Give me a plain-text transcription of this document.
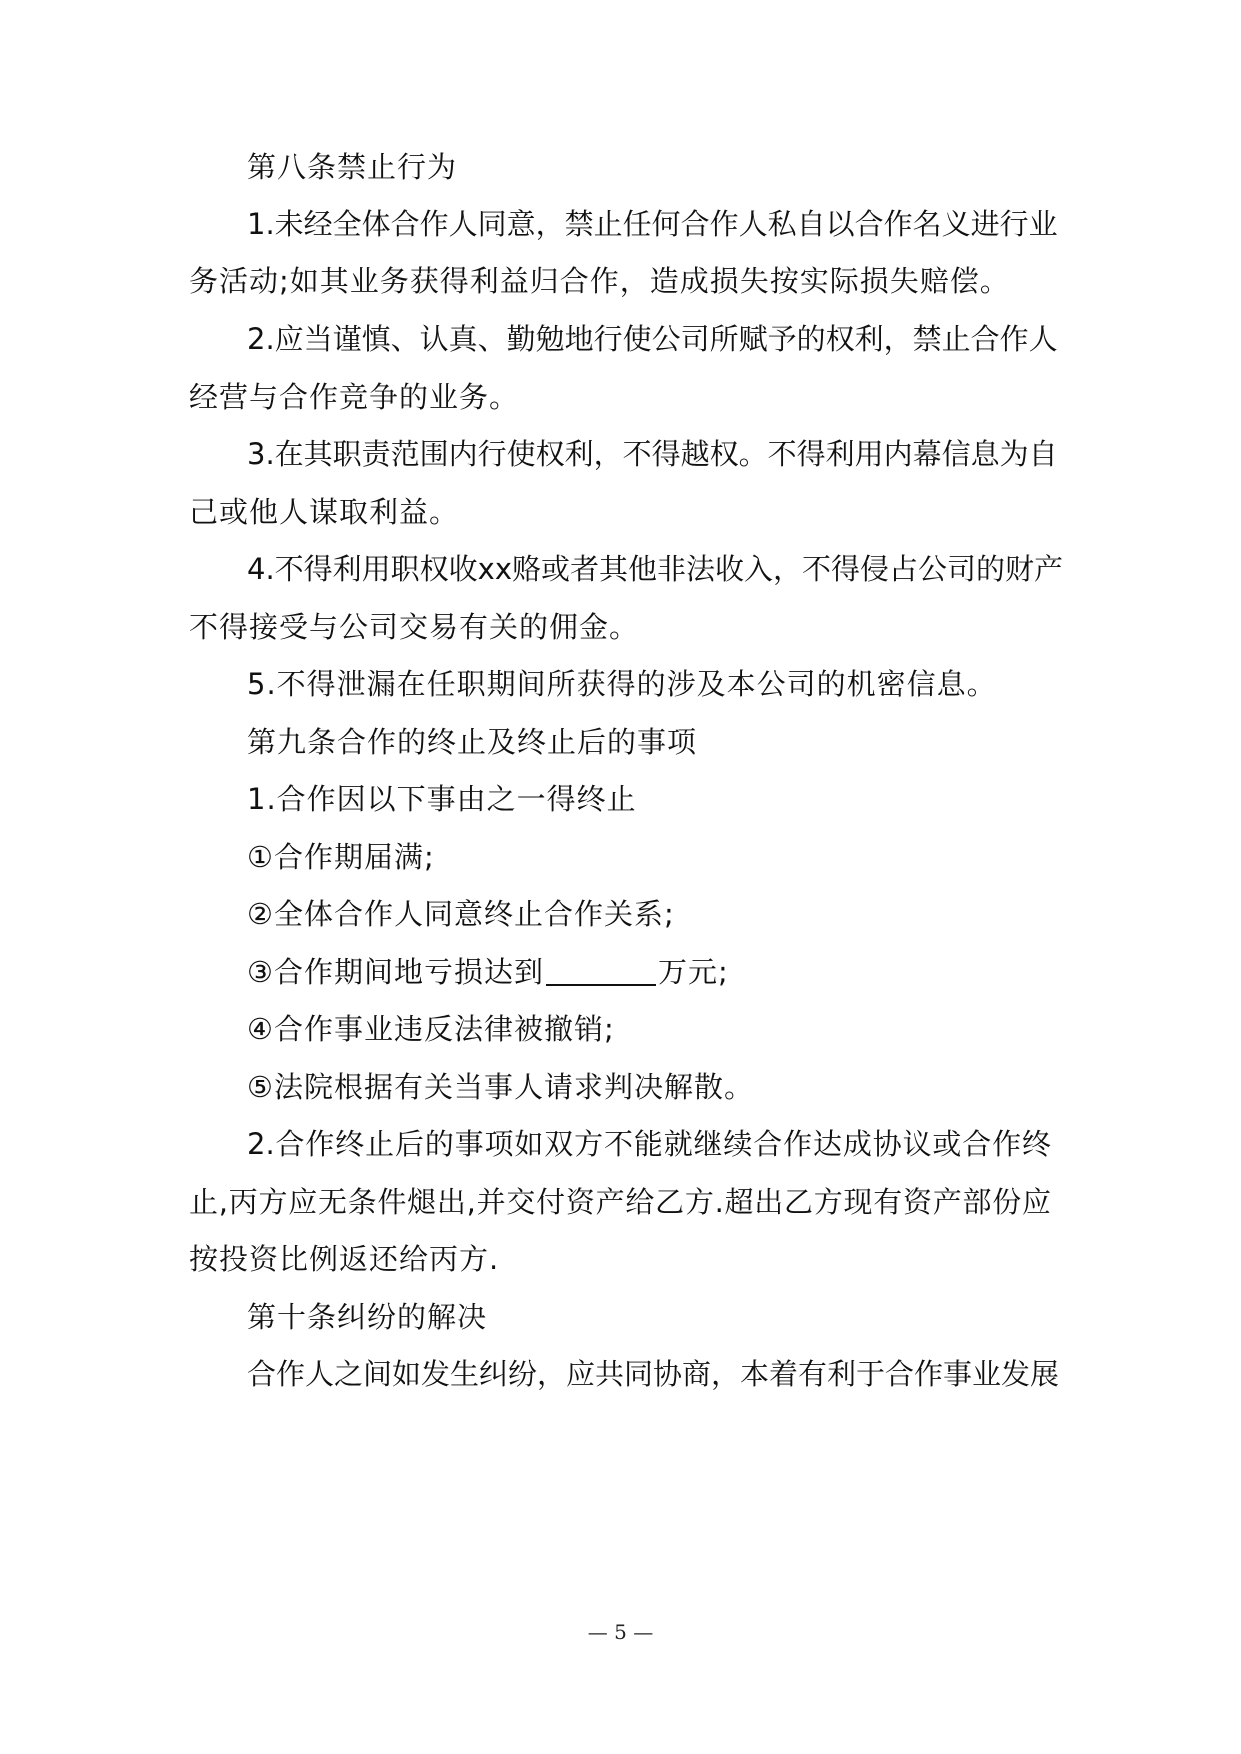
第八条禁止行为
1.未经全体合作人同意，禁止任何合作人私自以合作名义进行业
务活动;如其业务获得利益归合作，造成损失按实际损失赔偿。
2.应当谨慎、认真、勤勉地行使公司所赋予的权利，禁止合作人
经营与合作竞争的业务。
3.在其职责范围内行使权利，不得越权。不得利用内幕信息为自
己或他人谋取利益。
4.不得利用职权收xx赂或者其他非法收入，不得侵占公司的财产
不得接受与公司交易有关的佣金。
5.不得泄漏在任职期间所获得的涉及本公司的机密信息。
第九条合作的终止及终止后的事项
1.合作因以下事由之一得终止
①合作期届满;
②全体合作人同意终止合作关系;
③合作期间地亏损达到	万元;
④合作事业违反法律被撤销;
⑤法院根据有关当事人请求判决解散。
2.合作终止后的事项如双方不能就继续合作达成协议或合作终
止,丙方应无条件煺出,并交付资产给乙方.超出乙方现有资产部份应
按投资比例返还给丙方.
第十条纠纷的解决
合作人之间如发生纠纷，应共同协商，本着有利于合作事业发展
— 5 —
